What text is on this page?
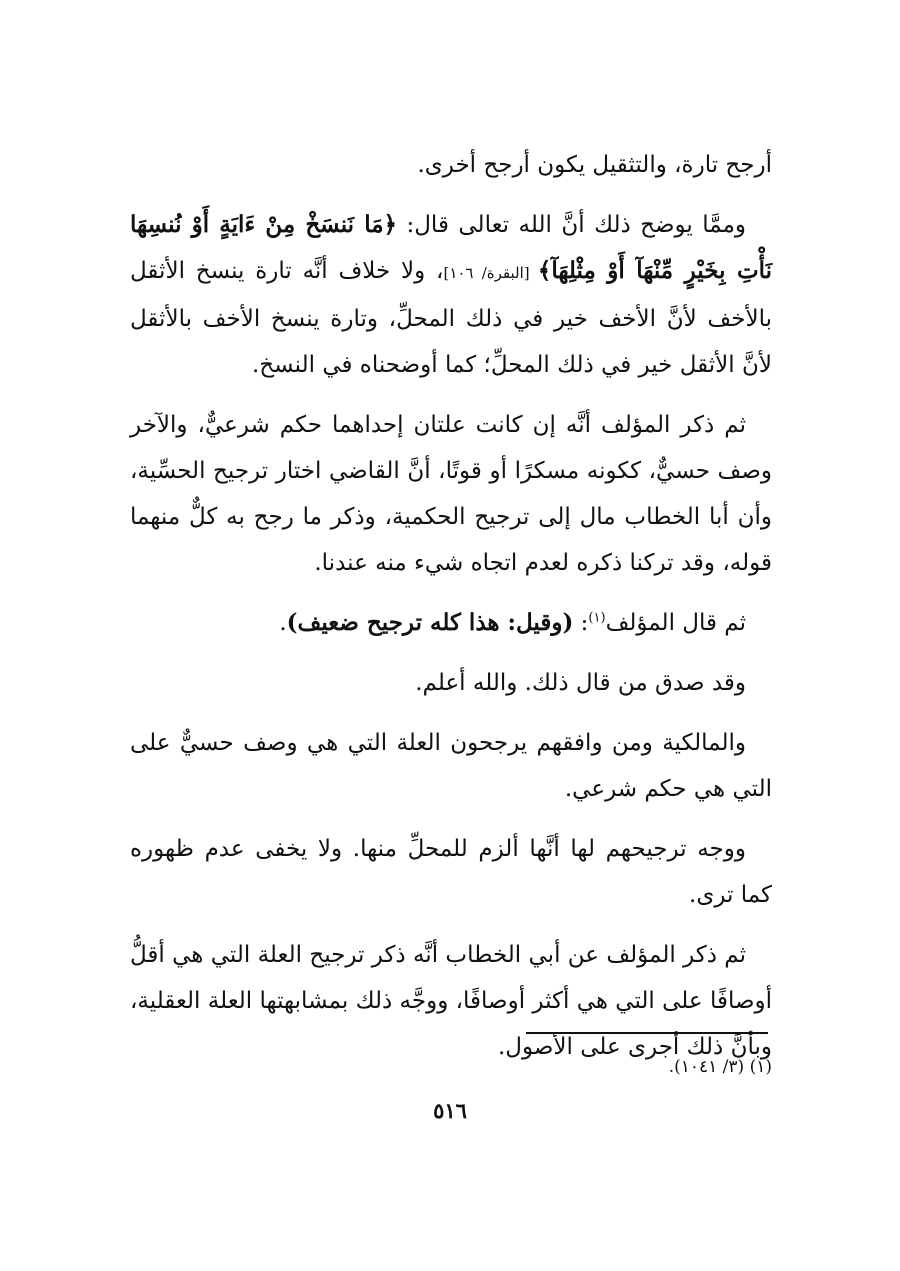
أرجح تارة، والتثقيل يكون أرجح أخرى.

وممَّا يوضح ذلك أنَّ الله تعالى قال: ﴿مَا نَنسَخْ مِنْ ءَايَةٍ أَوْ نُنسِهَا نَأْتِ بِخَيْرٍ مِّنْهَآ أَوْ مِثْلِهَآ﴾ [البقرة/ ١٠٦]، ولا خلاف أنَّه تارة ينسخ الأثقل بالأخف لأنَّ الأخف خير في ذلك المحلِّ، وتارة ينسخ الأخف بالأثقل لأنَّ الأثقل خير في ذلك المحلِّ؛ كما أوضحناه في النسخ.

ثم ذكر المؤلف أنَّه إن كانت علتان إحداهما حكم شرعيٌّ، والآخر وصف حسيٌّ، ككونه مسكرًا أو قوتًا، أنَّ القاضي اختار ترجيح الحسِّية، وأن أبا الخطاب مال إلى ترجيح الحكمية، وذكر ما رجح به كلٌّ منهما قوله، وقد تركنا ذكره لعدم اتجاه شيء منه عندنا.

ثم قال المؤلف$^{(١)}$: (وقيل: هذا كله ترجيح ضعيف).

وقد صدق من قال ذلك. والله أعلم.

والمالكية ومن وافقهم يرجحون العلة التي هي وصف حسيٌّ على التي هي حكم شرعي.

ووجه ترجيحهم لها أنَّها ألزم للمحلِّ منها. ولا يخفى عدم ظهوره كما ترى.

ثم ذكر المؤلف عن أبي الخطاب أنَّه ذكر ترجيح العلة التي هي أقلُّ أوصافًا على التي هي أكثر أوصافًا، ووجَّه ذلك بمشابهتها العلة العقلية، وبأنَّ ذلك أجرى على الأصول.

(١) (٣/ ١٠٤١).
٥١٦
